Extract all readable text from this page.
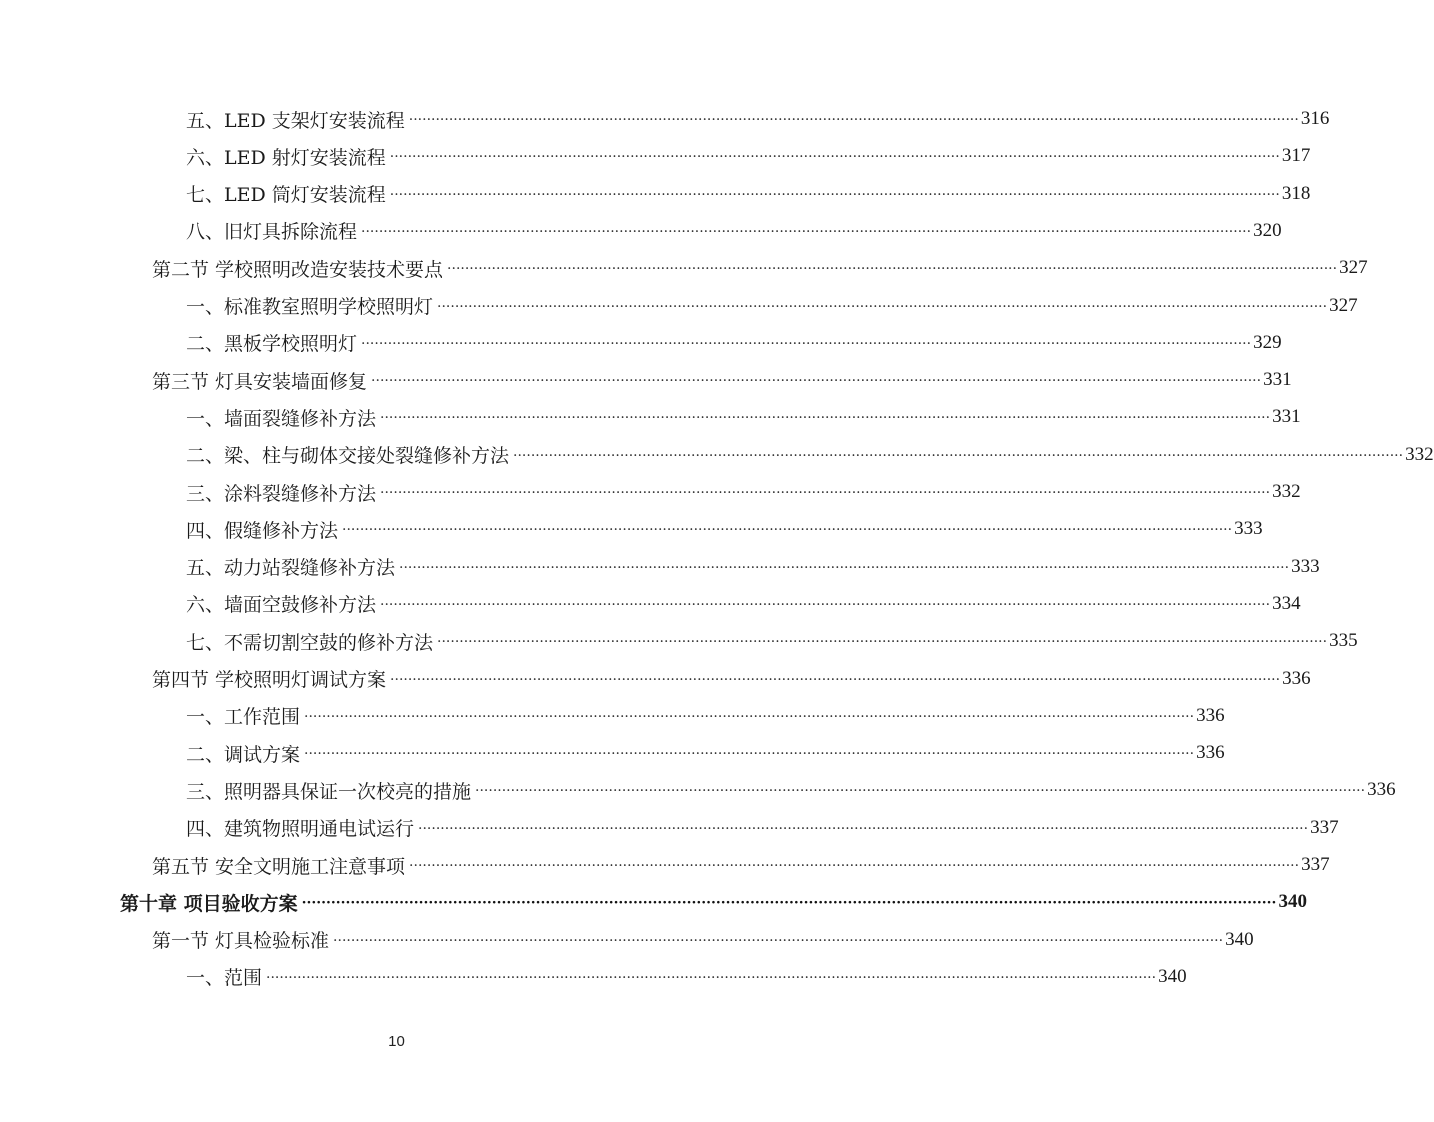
五、LED 支架灯安装流程 ········································································································································································································ 316
六、LED 射灯安装流程 ········································································································································································································ 317
七、LED 筒灯安装流程 ········································································································································································································ 318
八、旧灯具拆除流程 ········································································································································································································ 320
第二节 学校照明改造安装技术要点 ········································································································································································································ 327
一、标准教室照明学校照明灯 ········································································································································································································ 327
二、黑板学校照明灯 ········································································································································································································ 329
第三节 灯具安装墙面修复 ········································································································································································································ 331
一、墙面裂缝修补方法 ········································································································································································································ 331
二、梁、柱与砌体交接处裂缝修补方法 ········································································································································································································ 332
三、涂料裂缝修补方法 ········································································································································································································ 332
四、假缝修补方法 ········································································································································································································ 333
五、动力站裂缝修补方法 ········································································································································································································ 333
六、墙面空鼓修补方法 ········································································································································································································ 334
七、不需切割空鼓的修补方法 ········································································································································································································ 335
第四节 学校照明灯调试方案 ········································································································································································································ 336
一、工作范围 ········································································································································································································ 336
二、调试方案 ········································································································································································································ 336
三、照明器具保证一次校亮的措施 ········································································································································································································ 336
四、建筑物照明通电试运行 ········································································································································································································ 337
第五节 安全文明施工注意事项 ········································································································································································································ 337
第十章 项目验收方案 ········································································································································································································ 340
第一节 灯具检验标准 ········································································································································································································ 340
一、范围 ········································································································································································································ 340
10
